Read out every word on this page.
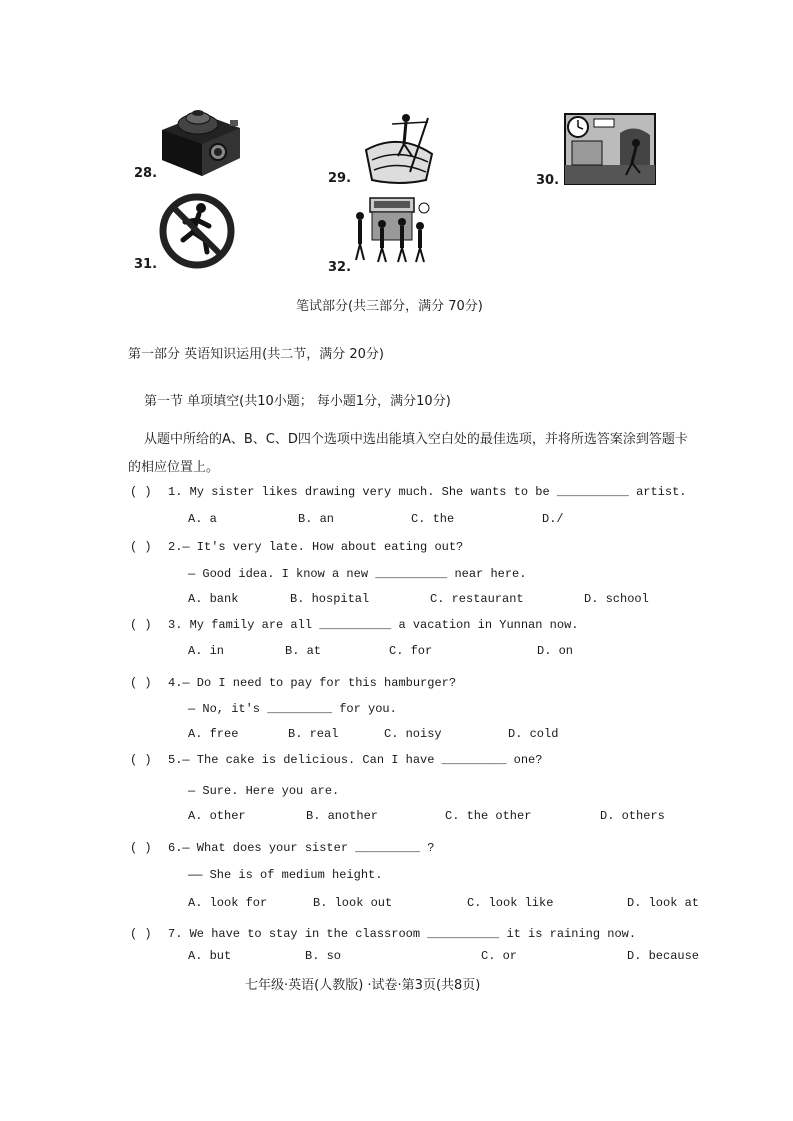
28.	29.	30.
31.	32.
笔试部分(共三部分，满分 70分)
第一部分 英语知识运用(共二节，满分 20分)
第一节 单项填空(共10小题； 每小题1分，满分10分)
从题中所给的A、B、C、D四个选项中选出能填入空白处的最佳选项，并将所选答案涂到答题卡
的相应位置上。
( ) 1. My sister likes drawing very much. She wants to be __________ artist.
A. a	B. an	C. the	D./
( ) 2.— It's very late. How about eating out?
— Good idea. I know a new __________ near here.
A. bank	B. hospital	C. restaurant	D. school
( ) 3. My family are all __________ a vacation in Yunnan now.
A. in	B. at	C. for	D. on
( ) 4.— Do I need to pay for this hamburger?
— No, it's _________ for you.
A. free	B. real	C. noisy	D. cold
( ) 5.— The cake is delicious. Can I have _________ one?
— Sure. Here you are.
A. other	B. another	C. the other	D. others
( ) 6.— What does your sister _________ ?
—— She is of medium height.
A. look for	B. look out	C. look like	D. look at
( ) 7. We have to stay in the classroom __________ it is raining now.
A. but	B. so	C. or	D. because
七年级·英语(人教版) ·试卷·第3页(共8页)
